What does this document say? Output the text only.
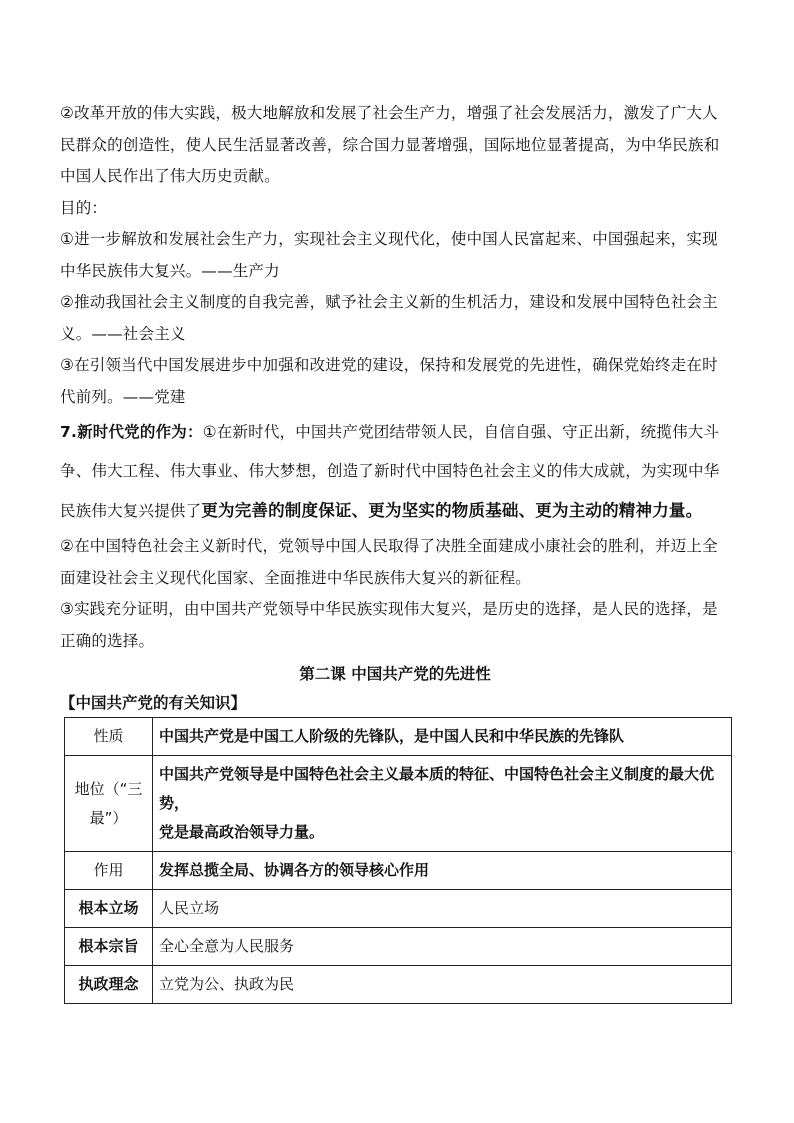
②改革开放的伟大实践，极大地解放和发展了社会生产力，增强了社会发展活力，激发了广大人民群众的创造性，使人民生活显著改善，综合国力显著增强，国际地位显著提高，为中华民族和中国人民作出了伟大历史贡献。

目的：

①进一步解放和发展社会生产力，实现社会主义现代化，使中国人民富起来、中国强起来，实现中华民族伟大复兴。——生产力

②推动我国社会主义制度的自我完善，赋予社会主义新的生机活力，建设和发展中国特色社会主义。——社会主义

③在引领当代中国发展进步中加强和改进党的建设，保持和发展党的先进性，确保党始终走在时代前列。——党建

7.新时代党的作为：①在新时代，中国共产党团结带领人民，自信自强、守正出新，统揽伟大斗争、伟大工程、伟大事业、伟大梦想，创造了新时代中国特色社会主义的伟大成就，为实现中华民族伟大复兴提供了更为完善的制度保证、更为坚实的物质基础、更为主动的精神力量。

②在中国特色社会主义新时代，党领导中国人民取得了决胜全面建成小康社会的胜利，并迈上全面建设社会主义现代化国家、全面推进中华民族伟大复兴的新征程。

③实践充分证明，由中国共产党领导中华民族实现伟大复兴，是历史的选择，是人民的选择，是正确的选择。

第二课 中国共产党的先进性

【中国共产党的有关知识】

性质	中国共产党是中国工人阶级的先锋队，是中国人民和中华民族的先锋队
地位（“三最”）	中国共产党领导是中国特色社会主义最本质的特征、中国特色社会主义制度的最大优势，
党是最高政治领导力量。

作用	发挥总揽全局、协调各方的领导核心作用
根本立场	人民立场
根本宗旨	全心全意为人民服务
执政理念	立党为公、执政为民
